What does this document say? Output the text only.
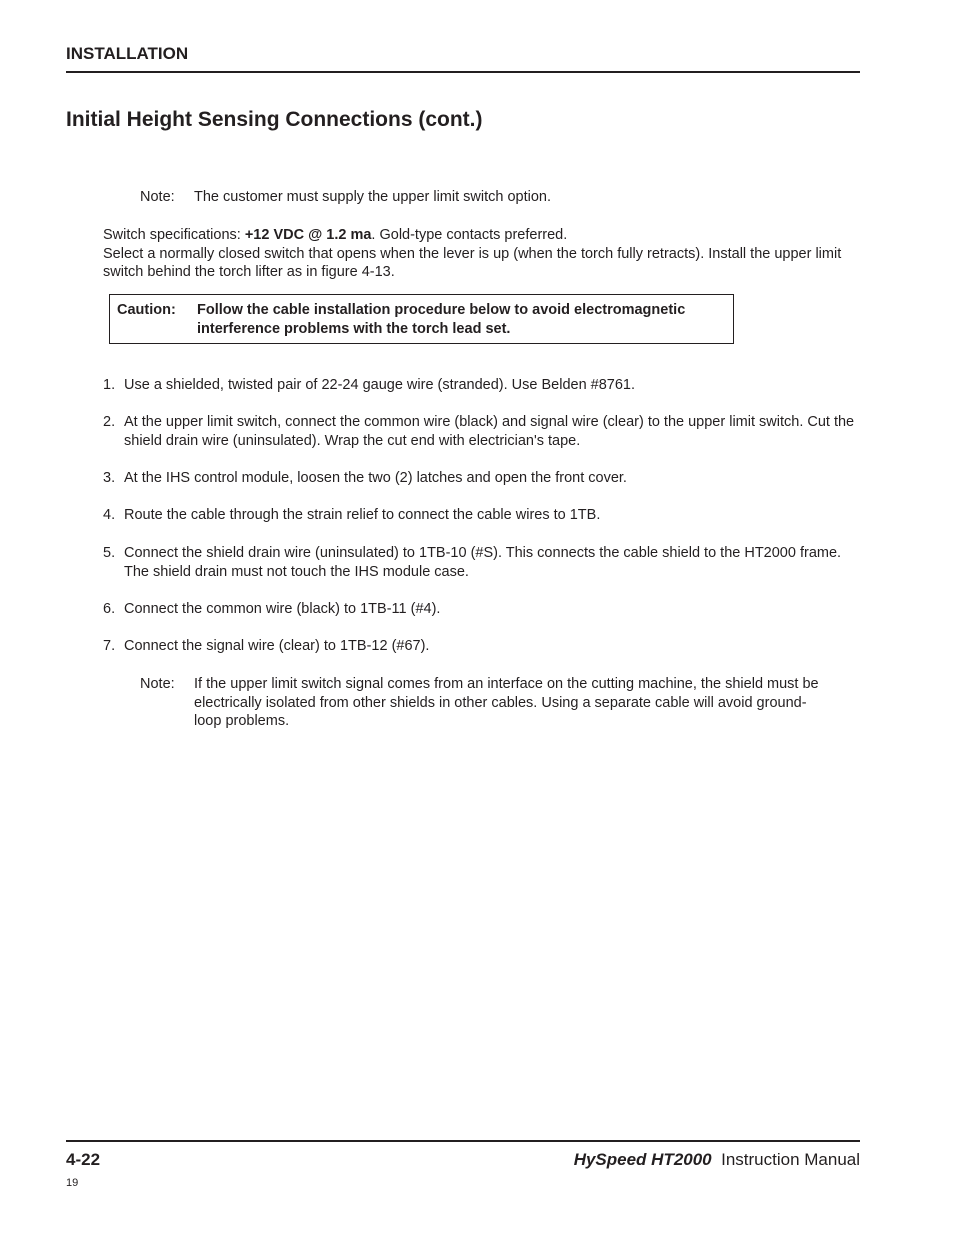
INSTALLATION
Initial Height Sensing Connections (cont.)
Note: The customer must supply the upper limit switch option.
Switch specifications: +12 VDC @ 1.2 ma. Gold-type contacts preferred.
Select a normally closed switch that opens when the lever is up (when the torch fully retracts). Install the upper limit switch behind the torch lifter as in figure 4-13.
Caution: Follow the cable installation procedure below to avoid electromagnetic interference problems with the torch lead set.
1. Use a shielded, twisted pair of 22-24 gauge wire (stranded). Use Belden #8761.
2. At the upper limit switch, connect the common wire (black) and signal wire (clear) to the upper limit switch. Cut the shield drain wire (uninsulated). Wrap the cut end with electrician's tape.
3. At the IHS control module, loosen the two (2) latches and open the front cover.
4. Route the cable through the strain relief to connect the cable wires to 1TB.
5. Connect the shield drain wire (uninsulated) to 1TB-10 (#S). This connects the cable shield to the HT2000 frame. The shield drain must not touch the IHS module case.
6. Connect the common wire (black) to 1TB-11 (#4).
7. Connect the signal wire (clear) to 1TB-12 (#67).
Note: If the upper limit switch signal comes from an interface on the cutting machine, the shield must be electrically isolated from other shields in other cables. Using a separate cable will avoid ground-loop problems.
4-22	HySpeed HT2000 Instruction Manual
19
